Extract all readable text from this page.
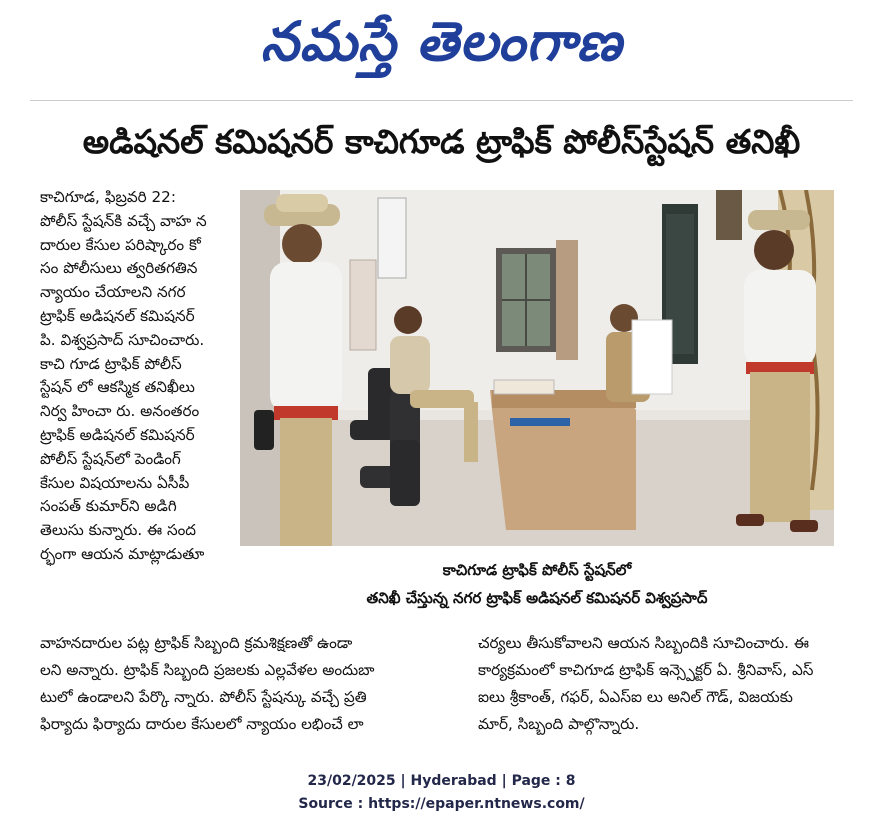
నమస్తే తెలంగాణ
అడిషనల్ కమిషనర్ కాచిగూడ ట్రాఫిక్ పోలీస్‌స్టేషన్ తనిఖీ
కాచిగూడ, ఫిబ్రవరి 22:
పోలీస్ స్టేషన్‌కి వచ్చే వాహ న
దారుల కేసుల పరిష్కారం కో
సం పోలీసులు త్వరితగతిన
న్యాయం చేయాలని నగర
ట్రాఫిక్ అడిషనల్ కమిషనర్
పి. విశ్వప్రసాద్ సూచించారు.
కాచి గూడ ట్రాఫిక్ పోలీస్
స్టేషన్ లో ఆకస్మిక తనిఖీలు
నిర్వ హించా రు. అనంతరం
ట్రాఫిక్ అడిషనల్ కమిషనర్
పోలీస్ స్టేషన్‌లో పెండింగ్
కేసుల విషయాలను ఏసీపీ
సంపత్ కుమార్‌ని అడిగి
తెలుసు కున్నారు. ఈ సంద
ర్భంగా ఆయన మాట్లాడుతూ
కాచిగూడ ట్రాఫిక్ పోలీస్ స్టేషన్‌లో
తనిఖీ చేస్తున్న నగర ట్రాఫిక్ అడిషనల్ కమిషనర్ విశ్వప్రసాద్
వాహనదారుల పట్ల ట్రాఫిక్ సిబ్బంది క్రమశిక్షణతో ఉండా
లని అన్నారు. ట్రాఫిక్ సిబ్బంది ప్రజలకు ఎల్లవేళల అందుబా
టులో ఉండాలని పేర్కొ న్నారు. పోలీస్ స్టేషన్కు వచ్చే ప్రతి
ఫిర్యాదు ఫిర్యాదు దారుల కేసులలో న్యాయం లభించే లా
చర్యలు తీసుకోవాలని ఆయన సిబ్బందికి సూచించారు. ఈ
కార్యక్రమంలో కాచిగూడ ట్రాఫిక్ ఇన్స్పెక్టర్ ఏ. శ్రీనివాస్, ఎస్
ఐలు శ్రీకాంత్, గఫర్, ఏఎస్ఐ లు అనిల్ గౌడ్, విజయకు
మార్, సిబ్బంది పాల్గొన్నారు.
23/02/2025 | Hyderabad | Page : 8
Source : https://epaper.ntnews.com/
